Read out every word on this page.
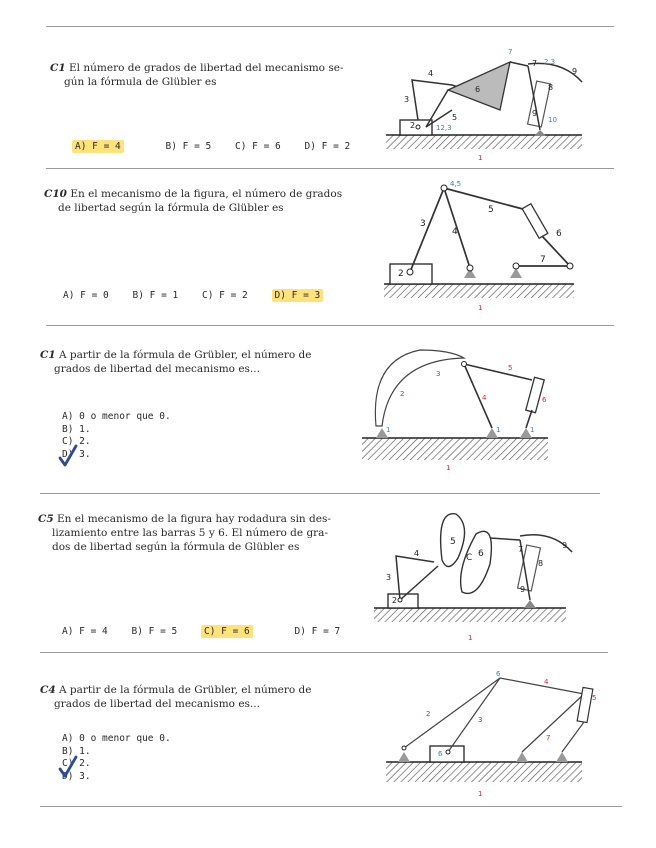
C1 El número de grados de libertad del mecanismo se-
gún la fórmula de Glübler es
A) F = 4	B) F = 5 C) F = 6 D) F = 2
2
3
4
5
6
7
8
9
9
1
7
2,3
12,3
10
C10 En el mecanismo de la figura, el número de grados
de libertad según la fórmula de Glübler es
A) F = 0 B) F = 1 C) F = 2	D) F = 3
2
3
4
5
6
7
1
4,5
C1 A partir de la fórmula de Grübler, el número de
grados de libertad del mecanismo es...
A) 0 o menor que 0.
B) 1.
C) 2.
D) 3.
2
3
4
5
6
1
1	1	1
C5 En el mecanismo de la figura hay rodadura sin des-
lizamiento entre las barras 5 y 6. El número de gra-
dos de libertad según la fórmula de Glübler es
A) F = 4 B) F = 5	C) F = 6	D) F = 7
2
3
4
5
6
C
7
8
9
9
1
C4 A partir de la fórmula de Grübler, el número de
grados de libertad del mecanismo es...
A) 0 o menor que 0.
B) 1.
C) 2.
D) 3.
2
3
4
5
7
1
6
6
